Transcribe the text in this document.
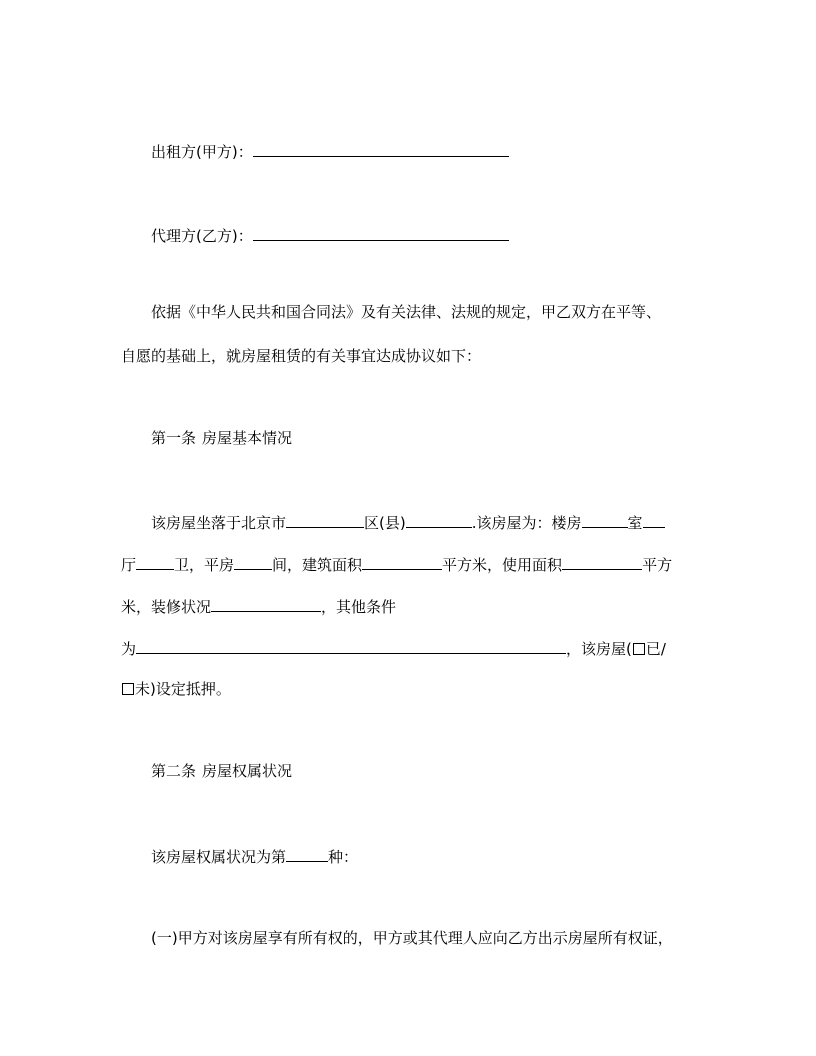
出租方(甲方)：
代理方(乙方)：
依据《中华人民共和国合同法》及有关法律、法规的规定，甲乙双方在平等、
自愿的基础上，就房屋租赁的有关事宜达成协议如下：
第一条 房屋基本情况
该房屋坐落于北京市	区(县)	.该房屋为：楼房	室
厅	卫，平房	间，建筑面积	平方米，使用面积	平方
米，装修状况	，其他条件
为	，该房屋( 已/
未)设定抵押。
第二条 房屋权属状况
该房屋权属状况为第	种：
(一)甲方对该房屋享有所有权的，甲方或其代理人应向乙方出示房屋所有权证，
